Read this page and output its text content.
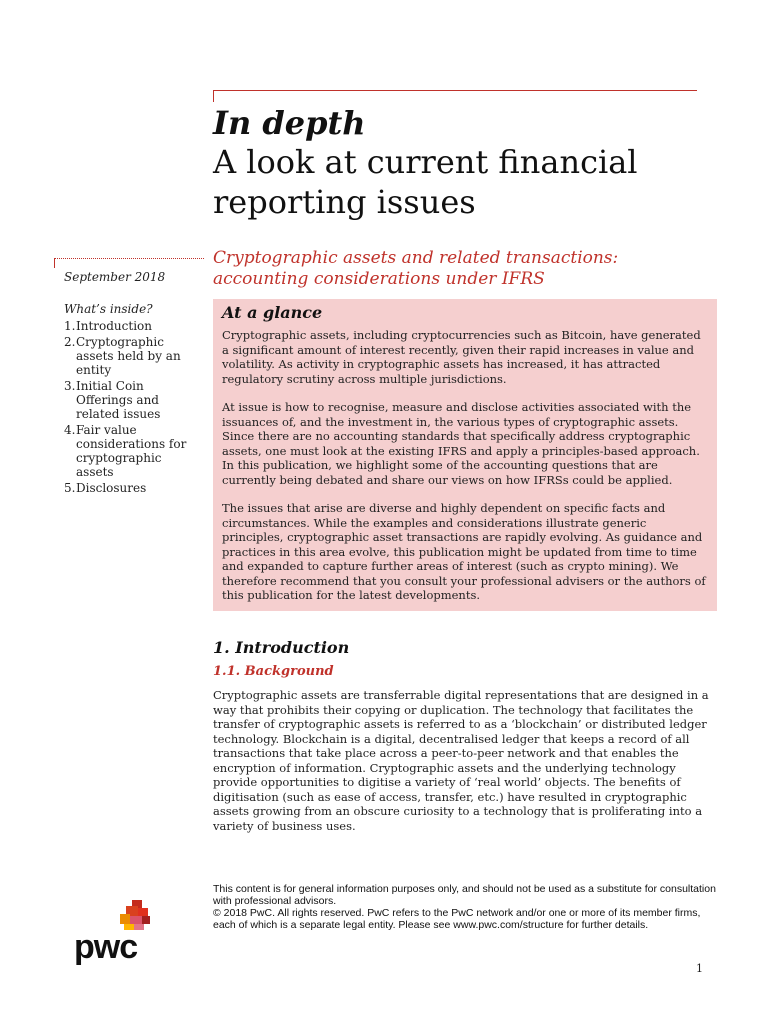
In depth

A look at current financial

reporting issues

September 2018
What’s inside?
1. Introduction
2. Cryptographic assets held by an entity
3. Initial Coin Offerings and related issues
4. Fair value considerations for cryptographic assets
5. Disclosures
Cryptographic assets and related transactions:
accounting considerations under IFRS
At a glance

Cryptographic assets, including cryptocurrencies such as Bitcoin, have generated a significant amount of interest recently, given their rapid increases in value and volatility. As activity in cryptographic assets has increased, it has attracted regulatory scrutiny across multiple jurisdictions.

At issue is how to recognise, measure and disclose activities associated with the issuances of, and the investment in, the various types of cryptographic assets. Since there are no accounting standards that specifically address cryptographic assets, one must look at the existing IFRS and apply a principles-based approach. In this publication, we highlight some of the accounting questions that are currently being debated and share our views on how IFRSs could be applied.

The issues that arise are diverse and highly dependent on specific facts and circumstances. While the examples and considerations illustrate generic principles, cryptographic asset transactions are rapidly evolving. As guidance and practices in this area evolve, this publication might be updated from time to time and expanded to capture further areas of interest (such as crypto mining). We therefore recommend that you consult your professional advisers or the authors of this publication for the latest developments.

1. Introduction
1.1. Background

Cryptographic assets are transferrable digital representations that are designed in a way that prohibits their copying or duplication. The technology that facilitates the transfer of cryptographic assets is referred to as a ‘blockchain’ or distributed ledger technology. Blockchain is a digital, decentralised ledger that keeps a record of all transactions that take place across a peer-to-peer network and that enables the encryption of information. Cryptographic assets and the underlying technology provide opportunities to digitise a variety of ‘real world’ objects. The benefits of digitisation (such as ease of access, transfer, etc.) have resulted in cryptographic assets growing from an obscure curiosity to a technology that is proliferating into a variety of business uses.

This content is for general information purposes only, and should not be used as a substitute for consultation with professional advisors.
© 2018 PwC. All rights reserved. PwC refers to the PwC network and/or one or more of its member firms, each of which is a separate legal entity. Please see www.pwc.com/structure for further details.
pwc
1
